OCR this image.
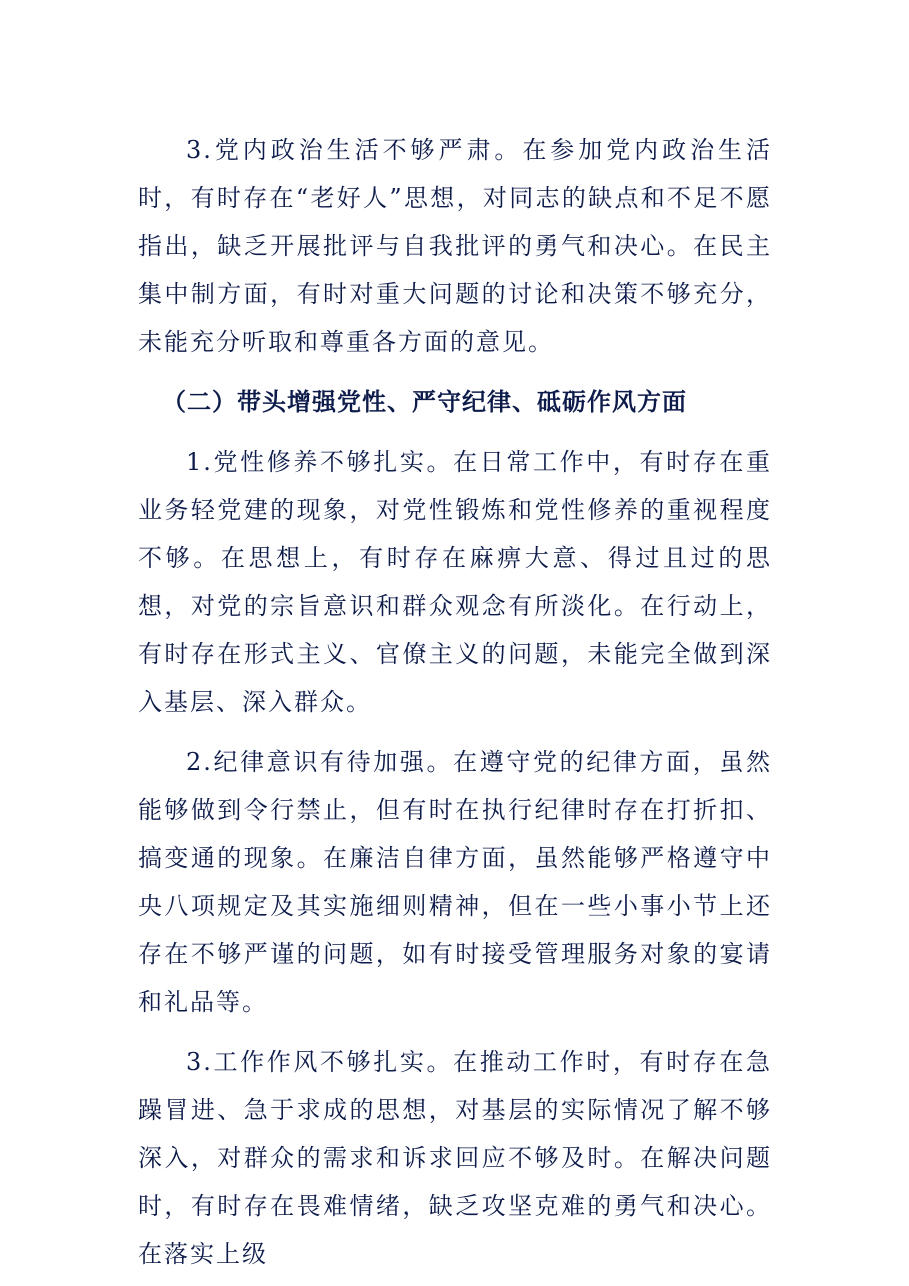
3.党内政治生活不够严肃。在参加党内政治生活时，有时存在“老好人”思想，对同志的缺点和不足不愿指出，缺乏开展批评与自我批评的勇气和决心。在民主集中制方面，有时对重大问题的讨论和决策不够充分，未能充分听取和尊重各方面的意见。

（二）带头增强党性、严守纪律、砥砺作风方面

1.党性修养不够扎实。在日常工作中，有时存在重业务轻党建的现象，对党性锻炼和党性修养的重视程度不够。在思想上，有时存在麻痹大意、得过且过的思想，对党的宗旨意识和群众观念有所淡化。在行动上，有时存在形式主义、官僚主义的问题，未能完全做到深入基层、深入群众。

2.纪律意识有待加强。在遵守党的纪律方面，虽然能够做到令行禁止，但有时在执行纪律时存在打折扣、搞变通的现象。在廉洁自律方面，虽然能够严格遵守中央八项规定及其实施细则精神，但在一些小事小节上还存在不够严谨的问题，如有时接受管理服务对象的宴请和礼品等。

3.工作作风不够扎实。在推动工作时，有时存在急躁冒进、急于求成的思想，对基层的实际情况了解不够深入，对群众的需求和诉求回应不够及时。在解决问题时，有时存在畏难情绪，缺乏攻坚克难的勇气和决心。在落实上级
